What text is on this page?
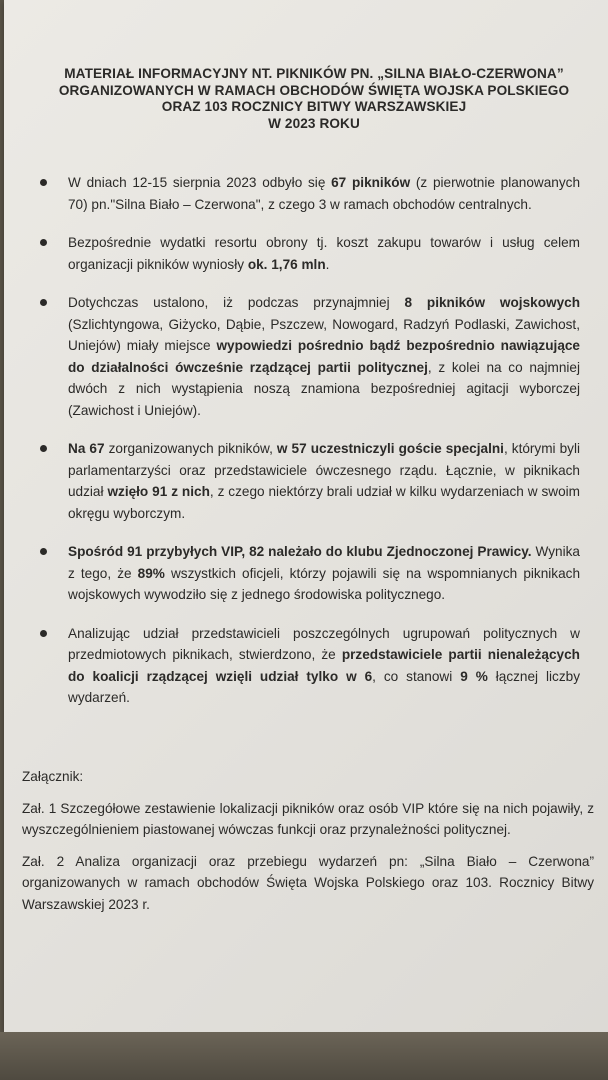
MATERIAŁ INFORMACYJNY NT. PIKNIKÓW PN. „SILNA BIAŁO-CZERWONA”
ORGANIZOWANYCH W RAMACH OBCHODÓW ŚWIĘTA WOJSKA POLSKIEGO
ORAZ 103 ROCZNICY BITWY WARSZAWSKIEJ
W 2023 ROKU
W dniach 12-15 sierpnia 2023 odbyło się 67 pikników (z pierwotnie planowanych 70) pn."Silna Biało – Czerwona", z czego 3 w ramach obchodów centralnych.
Bezpośrednie wydatki resortu obrony tj. koszt zakupu towarów i usług celem organizacji pikników wyniosły ok. 1,76 mln.
Dotychczas ustalono, iż podczas przynajmniej 8 pikników wojskowych (Szlichtyngowa, Giżycko, Dąbie, Pszczew, Nowogard, Radzyń Podlaski, Zawichost, Uniejów) miały miejsce wypowiedzi pośrednio bądź bezpośrednio nawiązujące do działalności ówcześnie rządzącej partii politycznej, z kolei na co najmniej dwóch z nich wystąpienia noszą znamiona bezpośredniej agitacji wyborczej (Zawichost i Uniejów).
Na 67 zorganizowanych pikników, w 57 uczestniczyli goście specjalni, którymi byli parlamentarzyści oraz przedstawiciele ówczesnego rządu. Łącznie, w piknikach udział wzięło 91 z nich, z czego niektórzy brali udział w kilku wydarzeniach w swoim okręgu wyborczym.
Spośród 91 przybyłych VIP, 82 należało do klubu Zjednoczonej Prawicy. Wynika z tego, że 89% wszystkich oficjeli, którzy pojawili się na wspomnianych piknikach wojskowych wywodziło się z jednego środowiska politycznego.
Analizując udział przedstawicieli poszczególnych ugrupowań politycznych w przedmiotowych piknikach, stwierdzono, że przedstawiciele partii nienależących do koalicji rządzącej wzięli udział tylko w 6, co stanowi 9 % łącznej liczby wydarzeń.

Załącznik:

Zał. 1 Szczegółowe zestawienie lokalizacji pikników oraz osób VIP które się na nich pojawiły, z wyszczególnieniem piastowanej wówczas funkcji oraz przynależności politycznej.

Zał. 2 Analiza organizacji oraz przebiegu wydarzeń pn: „Silna Biało – Czerwona” organizowanych w ramach obchodów Święta Wojska Polskiego oraz 103. Rocznicy Bitwy Warszawskiej 2023 r.
